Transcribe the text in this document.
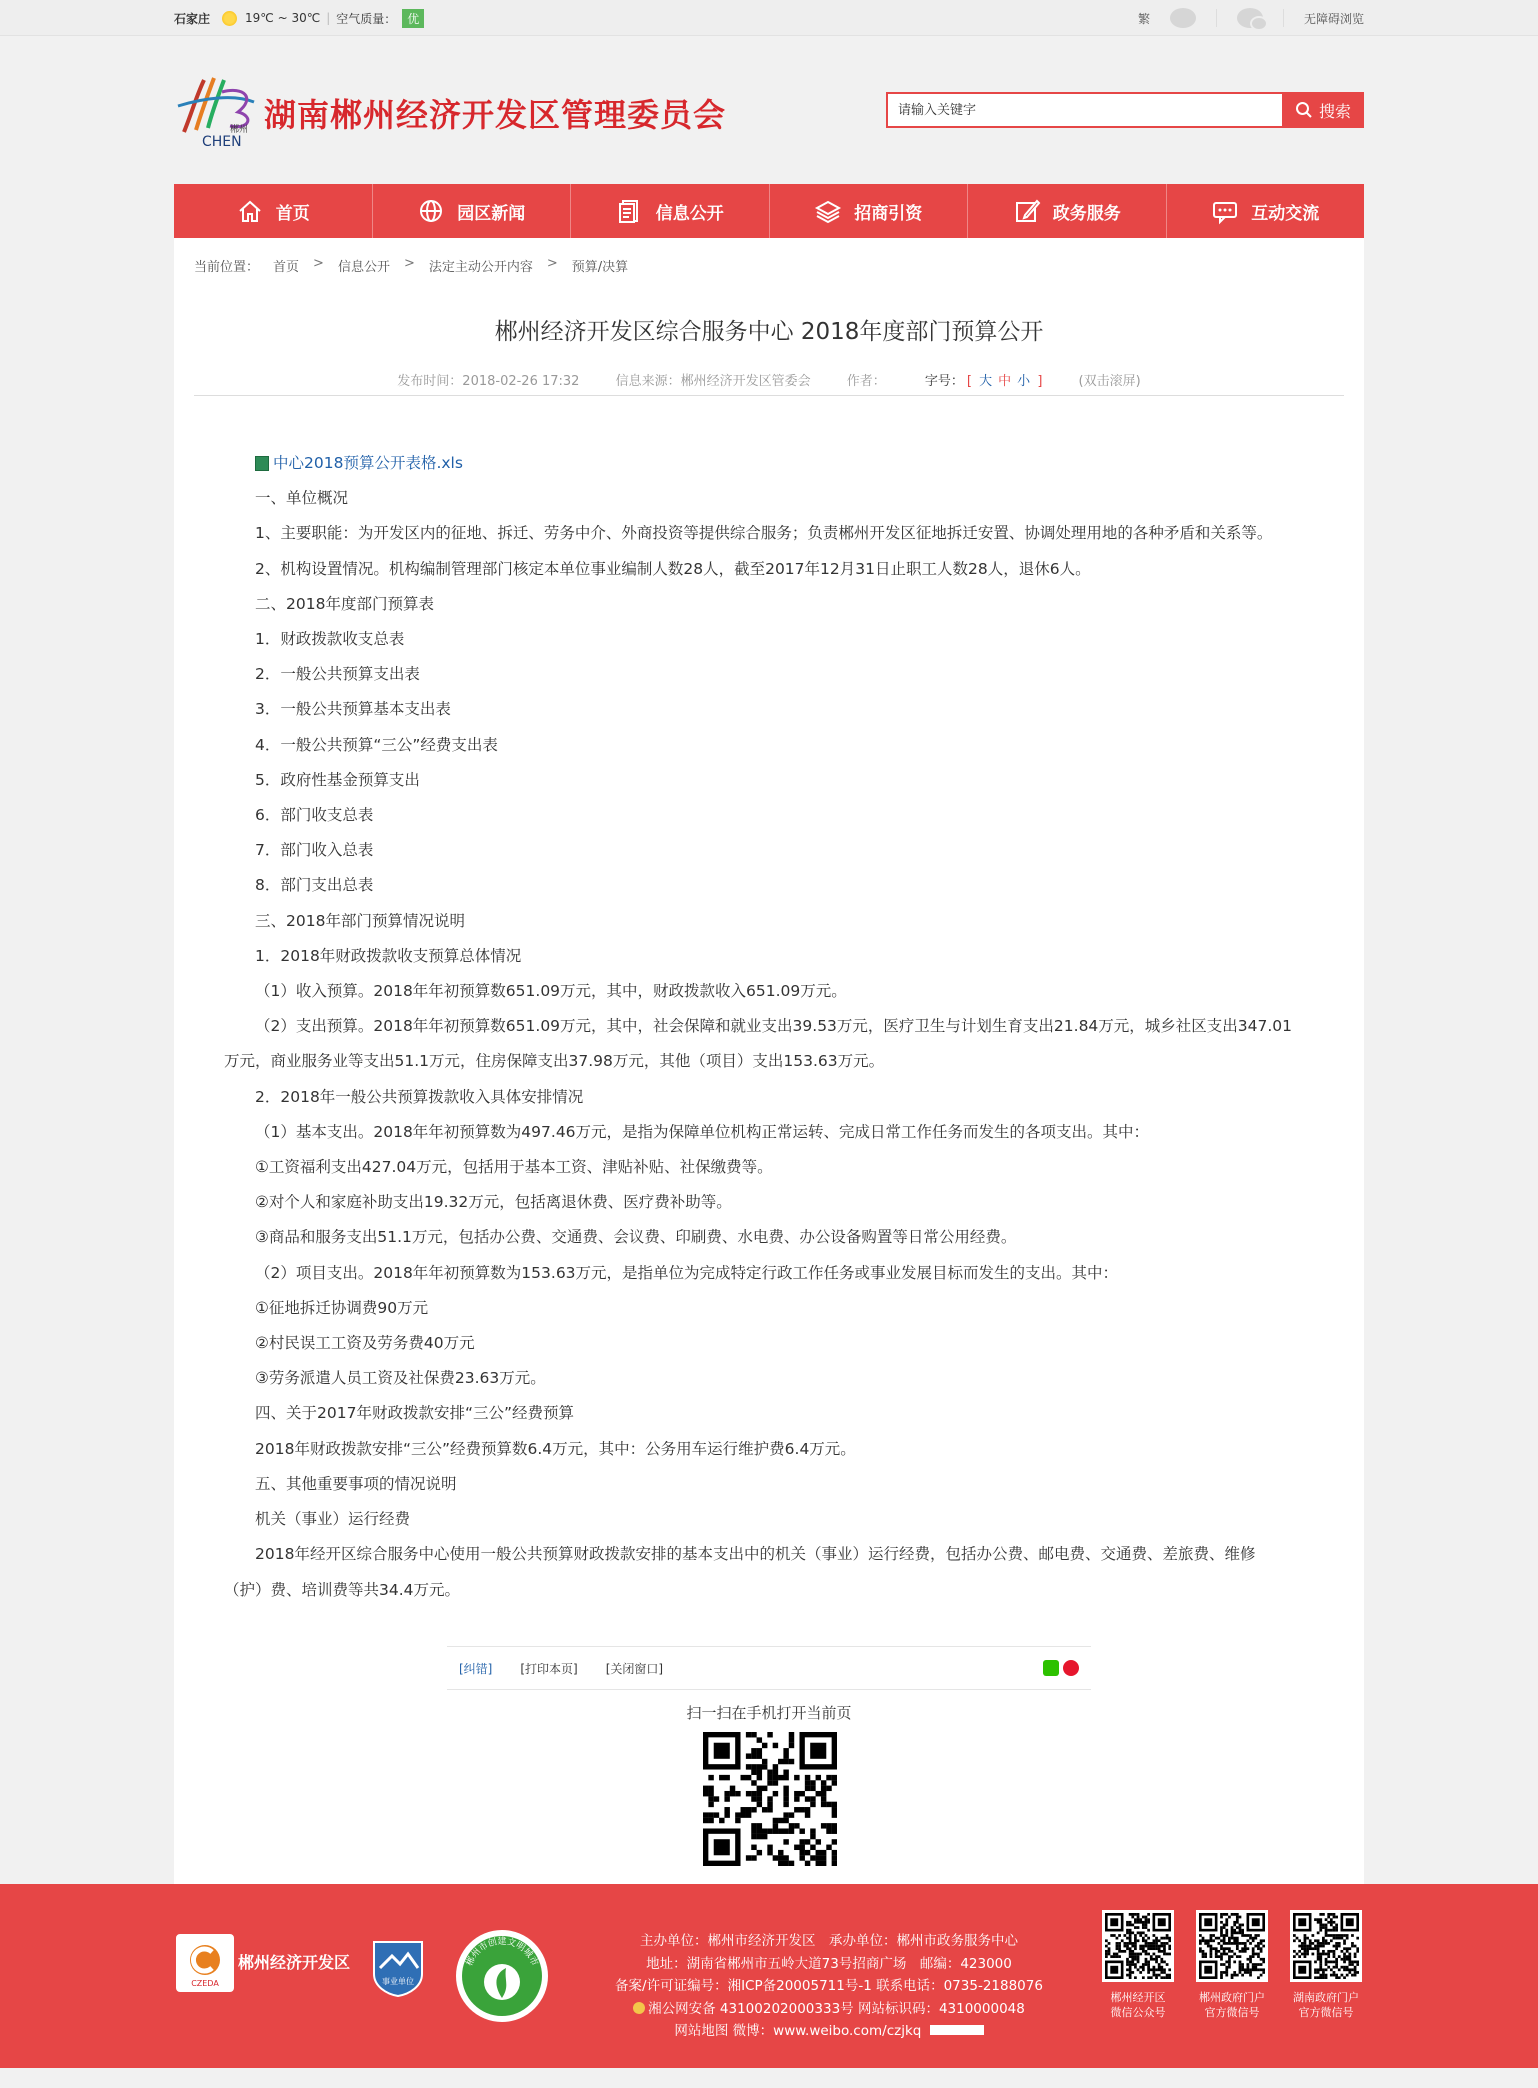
石家庄	19℃ ~ 30℃ | 空气质量： 优	繁	无障碍浏览
郴州
CHEN
湖南郴州经济开发区管理委员会
请输入关键字	搜索
首页	园区新闻	信息公开	招商引资	政务服务	互动交流
当前位置： 首页 > 信息公开 > 法定主动公开内容 > 预算/决算
郴州经济开发区综合服务中心 2018年度部门预算公开
发布时间：2018-02-26 17:32	信息来源：郴州经济开发区管委会	作者：	字号： [ 大 中 小 ]	(双击滚屏)
中心2018预算公开表格.xls

一、单位概况

1、主要职能：为开发区内的征地、拆迁、劳务中介、外商投资等提供综合服务；负责郴州开发区征地拆迁安置、协调处理用地的各种矛盾和关系等。

2、机构设置情况。机构编制管理部门核定本单位事业编制人数28人，截至2017年12月31日止职工人数28人，退休6人。

二、2018年度部门预算表

1．财政拨款收支总表

2．一般公共预算支出表

3．一般公共预算基本支出表

4．一般公共预算“三公”经费支出表

5．政府性基金预算支出

6．部门收支总表

7．部门收入总表

8．部门支出总表

三、2018年部门预算情况说明

1．2018年财政拨款收支预算总体情况

（1）收入预算。2018年年初预算数651.09万元，其中，财政拨款收入651.09万元。

（2）支出预算。2018年年初预算数651.09万元，其中，社会保障和就业支出39.53万元，医疗卫生与计划生育支出21.84万元，城乡社区支出347.01

万元，商业服务业等支出51.1万元，住房保障支出37.98万元，其他（项目）支出153.63万元。

2．2018年一般公共预算拨款收入具体安排情况

（1）基本支出。2018年年初预算数为497.46万元，是指为保障单位机构正常运转、完成日常工作任务而发生的各项支出。其中：

①工资福利支出427.04万元，包括用于基本工资、津贴补贴、社保缴费等。

②对个人和家庭补助支出19.32万元，包括离退休费、医疗费补助等。

③商品和服务支出51.1万元，包括办公费、交通费、会议费、印刷费、水电费、办公设备购置等日常公用经费。

（2）项目支出。2018年年初预算数为153.63万元，是指单位为完成特定行政工作任务或事业发展目标而发生的支出。其中：

①征地拆迁协调费90万元

②村民误工工资及劳务费40万元

③劳务派遣人员工资及社保费23.63万元。

四、关于2017年财政拨款安排“三公”经费预算

2018年财政拨款安排“三公”经费预算数6.4万元，其中：公务用车运行维护费6.4万元。

五、其他重要事项的情况说明

机关（事业）运行经费

2018年经开区综合服务中心使用一般公共预算财政拨款安排的基本支出中的机关（事业）运行经费，包括办公费、邮电费、交通费、差旅费、维修

（护）费、培训费等共34.4万元。

[纠错] [打印本页] [关闭窗口]
扫一扫在手机打开当前页
CZEDA
郴州经济开发区
事业单位
郴州市创建文明城市
主办单位：郴州市经济开发区　承办单位：郴州市政务服务中心
地址：湖南省郴州市五岭大道73号招商广场　邮编：423000
备案/许可证编号：湘ICP备20005711号-1 联系电话：0735-2188076
湘公网安备 43100202000333号 网站标识码：4310000048
网站地图 微博：www.weibo.com/czjkq
郴州经开区
微信公众号
郴州政府门户
官方微信号
湖南政府门户
官方微信号
